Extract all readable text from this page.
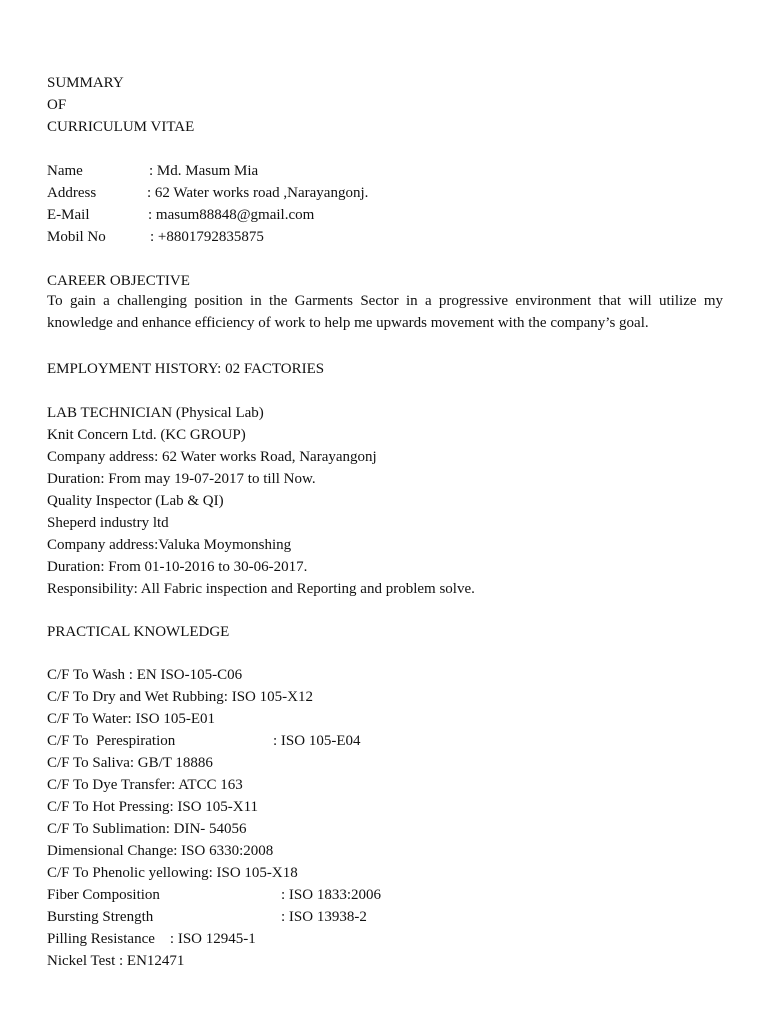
SUMMARY
OF
CURRICULUM VITAE
Name	: Md. Masum Mia
Address	: 62 Water works road ,Narayangonj.
E-Mail	: masum88848@gmail.com
Mobil No	: +8801792835875
CAREER OBJECTIVE
To gain a challenging position in the Garments Sector in a progressive environment that will utilize my knowledge and enhance efficiency of work to help me upwards movement with the company’s goal.
EMPLOYMENT HISTORY: 02 FACTORIES
LAB TECHNICIAN (Physical Lab)
Knit Concern Ltd. (KC GROUP)
Company address: 62 Water works Road, Narayangonj
Duration: From may 19-07-2017 to till Now.
Quality Inspector (Lab & QI)
Sheperd industry ltd
Company address:Valuka Moymonshing
Duration: From 01-10-2016 to 30-06-2017.
Responsibility: All Fabric inspection and Reporting and problem solve.
PRACTICAL KNOWLEDGE
C/F To Wash : EN ISO-105-C06
C/F To Dry and Wet Rubbing: ISO 105-X12
C/F To Water: ISO 105-E01
C/F To  Perespiration	: ISO 105-E04
C/F To Saliva: GB/T 18886
C/F To Dye Transfer: ATCC 163
C/F To Hot Pressing: ISO 105-X11
C/F To Sublimation: DIN- 54056
Dimensional Change: ISO 6330:2008
C/F To Phenolic yellowing: ISO 105-X18
Fiber Composition	: ISO 1833:2006
Bursting Strength	: ISO 13938-2
Pilling Resistance    : ISO 12945-1
Nickel Test : EN12471
